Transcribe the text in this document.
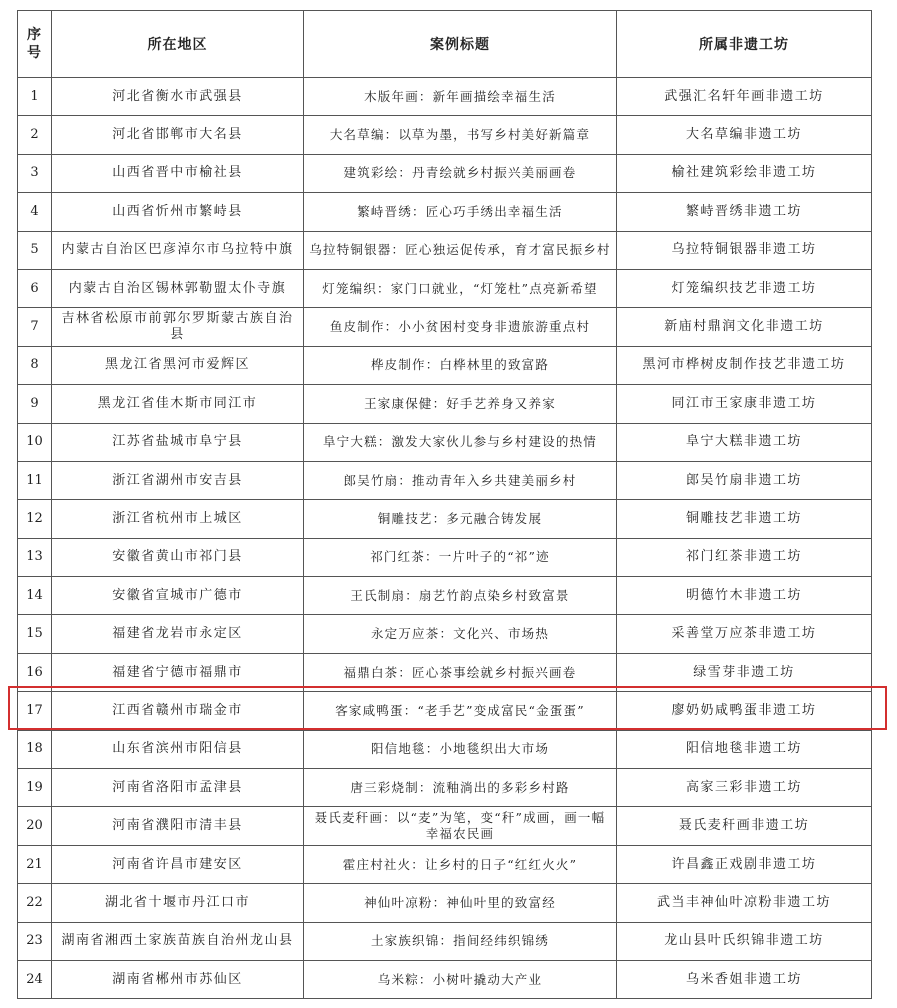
序
号	所在地区	案例标题	所属非遗工坊
1	河北省衡水市武强县	木版年画：新年画描绘幸福生活	武强汇名轩年画非遗工坊
2	河北省邯郸市大名县	大名草编：以草为墨，书写乡村美好新篇章	大名草编非遗工坊
3	山西省晋中市榆社县	建筑彩绘：丹青绘就乡村振兴美丽画卷	榆社建筑彩绘非遗工坊
4	山西省忻州市繁峙县	繁峙晋绣：匠心巧手绣出幸福生活	繁峙晋绣非遗工坊
5	内蒙古自治区巴彦淖尔市乌拉特中旗	乌拉特铜银器：匠心独运促传承，育才富民振乡村	乌拉特铜银器非遗工坊
6	内蒙古自治区锡林郭勒盟太仆寺旗	灯笼编织：家门口就业，“灯笼杜”点亮新希望	灯笼编织技艺非遗工坊
7	吉林省松原市前郭尔罗斯蒙古族自治县	鱼皮制作：小小贫困村变身非遗旅游重点村	新庙村鼎润文化非遗工坊
8	黑龙江省黑河市爱辉区	桦皮制作：白桦林里的致富路	黑河市桦树皮制作技艺非遗工坊
9	黑龙江省佳木斯市同江市	王家康保健：好手艺养身又养家	同江市王家康非遗工坊
10	江苏省盐城市阜宁县	阜宁大糕：激发大家伙儿参与乡村建设的热情	阜宁大糕非遗工坊
11	浙江省湖州市安吉县	郎吴竹扇：推动青年入乡共建美丽乡村	郎吴竹扇非遗工坊
12	浙江省杭州市上城区	铜雕技艺：多元融合铸发展	铜雕技艺非遗工坊
13	安徽省黄山市祁门县	祁门红茶：一片叶子的“祁”迹	祁门红茶非遗工坊
14	安徽省宣城市广德市	王氏制扇：扇艺竹韵点染乡村致富景	明德竹木非遗工坊
15	福建省龙岩市永定区	永定万应茶：文化兴、市场热	采善堂万应茶非遗工坊
16	福建省宁德市福鼎市	福鼎白茶：匠心茶事绘就乡村振兴画卷	绿雪芽非遗工坊
17	江西省赣州市瑞金市	客家咸鸭蛋：“老手艺”变成富民“金蛋蛋”	廖奶奶咸鸭蛋非遗工坊
18	山东省滨州市阳信县	阳信地毯：小地毯织出大市场	阳信地毯非遗工坊
19	河南省洛阳市孟津县	唐三彩烧制：流釉淌出的多彩乡村路	高家三彩非遗工坊
20	河南省濮阳市清丰县	聂氏麦秆画：以“麦”为笔，变“秆”成画，画一幅幸福农民画	聂氏麦秆画非遗工坊
21	河南省许昌市建安区	霍庄村社火：让乡村的日子“红红火火”	许昌鑫正戏剧非遗工坊
22	湖北省十堰市丹江口市	神仙叶凉粉：神仙叶里的致富经	武当丰神仙叶凉粉非遗工坊
23	湖南省湘西土家族苗族自治州龙山县	土家族织锦：指间经纬织锦绣	龙山县叶氏织锦非遗工坊
24	湖南省郴州市苏仙区	乌米粽：小树叶撬动大产业	乌米香姐非遗工坊
